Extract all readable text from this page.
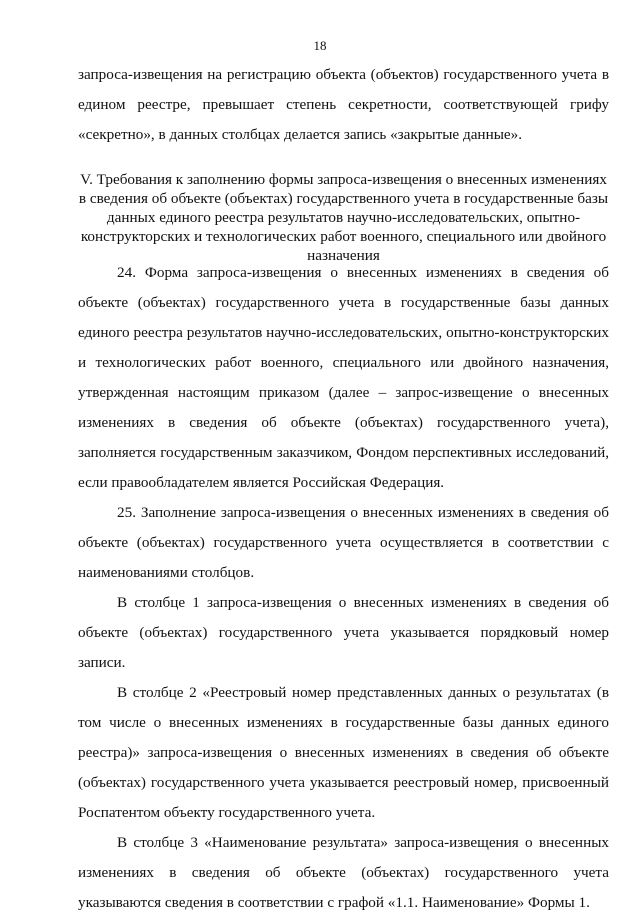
18

запроса-извещения на регистрацию объекта (объектов) государственного учета в едином реестре, превышает степень секретности, соответствующей грифу «секретно», в данных столбцах делается запись «закрытые данные».

V. Требования к заполнению формы запроса-извещения о внесенных изменениях в сведения об объекте (объектах) государственного учета в государственные базы данных единого реестра результатов научно-исследовательских, опытно-конструкторских и технологических работ военного, специального или двойного назначения

24. Форма запроса-извещения о внесенных изменениях в сведения об объекте (объектах) государственного учета в государственные базы данных единого реестра результатов научно-исследовательских, опытно-конструкторских и технологических работ военного, специального или двойного назначения, утвержденная настоящим приказом (далее – запрос-извещение о внесенных изменениях в сведения об объекте (объектах) государственного учета), заполняется государственным заказчиком, Фондом перспективных исследований, если правообладателем является Российская Федерация.

25. Заполнение запроса-извещения о внесенных изменениях в сведения об объекте (объектах) государственного учета осуществляется в соответствии с наименованиями столбцов.

В столбце 1 запроса-извещения о внесенных изменениях в сведения об объекте (объектах) государственного учета указывается порядковый номер записи.

В столбце 2 «Реестровый номер представленных данных о результатах (в том числе о внесенных изменениях в государственные базы данных единого реестра)» запроса-извещения о внесенных изменениях в сведения об объекте (объектах) государственного учета указывается реестровый номер, присвоенный Роспатентом объекту государственного учета.

В столбце 3 «Наименование результата» запроса-извещения о внесенных изменениях в сведения об объекте (объектах) государственного учета указываются сведения в соответствии с графой «1.1. Наименование» Формы 1.
